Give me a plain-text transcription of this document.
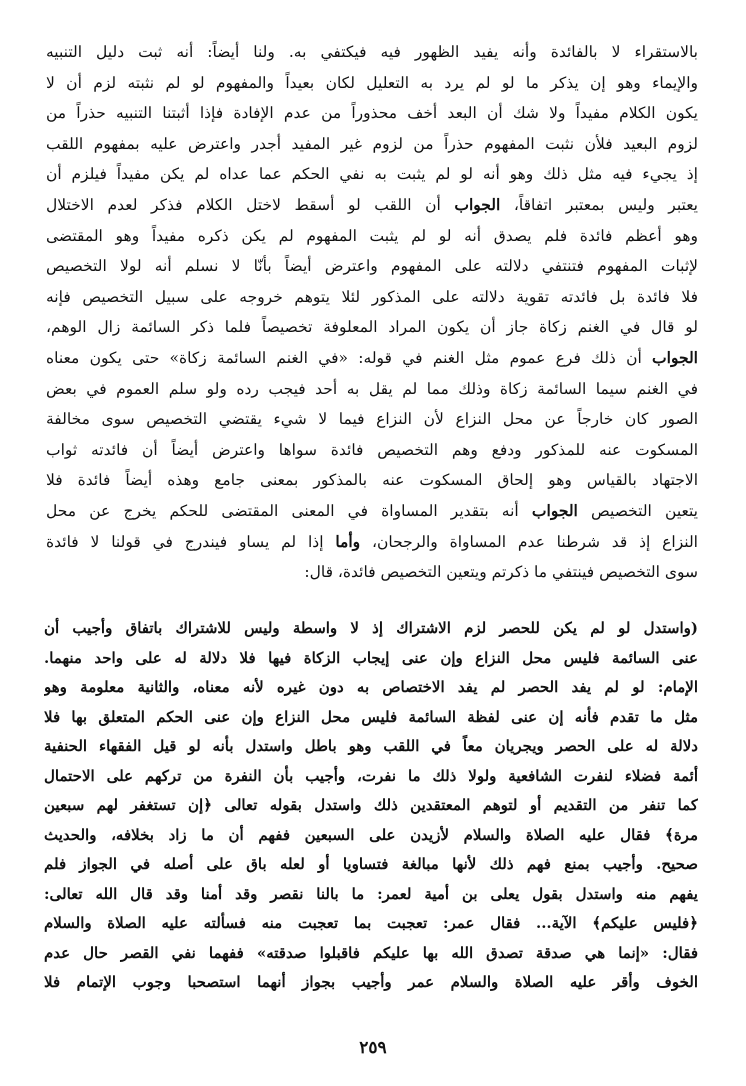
بالاستقراء لا بالفائدة وأنه يفيد الظهور فيه فيكتفي به. ولنا أيضاً: أنه ثبت دليل التنبيه
والإيماء وهو إن يذكر ما لو لم يرد به التعليل لكان بعيداً والمفهوم لو لم نثبته لزم أن لا
يكون الكلام مفيداً ولا شك أن البعد أخف محذوراً من عدم الإفادة فإذا أثبتنا التنبيه حذراً من
لزوم البعيد فلأن نثبت المفهوم حذراً من لزوم غير المفيد أجدر واعترض عليه بمفهوم اللقب
إذ يجيء فيه مثل ذلك وهو أنه لو لم يثبت به نفي الحكم عما عداه لم يكن مفيداً فيلزم أن
يعتبر وليس بمعتبر اتفاقاً، الجواب أن اللقب لو أسقط لاختل الكلام فذكر لعدم الاختلال
وهو أعظم فائدة فلم يصدق أنه لو لم يثبت المفهوم لم يكن ذكره مفيداً وهو المقتضى
لإثبات المفهوم فتنتفي دلالته على المفهوم واعترض أيضاً بأنّا لا نسلم أنه لولا التخصيص
فلا فائدة بل فائدته تقوية دلالته على المذكور لئلا يتوهم خروجه على سبيل التخصيص فإنه
لو قال في الغنم زكاة جاز أن يكون المراد المعلوفة تخصيصاً فلما ذكر السائمة زال الوهم،
الجواب أن ذلك فرع عموم مثل الغنم في قوله: «في الغنم السائمة زكاة» حتى يكون معناه
في الغنم سيما السائمة زكاة وذلك مما لم يقل به أحد فيجب رده ولو سلم العموم في بعض
الصور كان خارجاً عن محل النزاع لأن النزاع فيما لا شيء يقتضي التخصيص سوى مخالفة
المسكوت عنه للمذكور ودفع وهم التخصيص فائدة سواها واعترض أيضاً أن فائدته ثواب
الاجتهاد بالقياس وهو إلحاق المسكوت عنه بالمذكور بمعنى جامع وهذه أيضاً فائدة فلا
يتعين التخصيص الجواب أنه بتقدير المساواة في المعنى المقتضى للحكم يخرج عن محل
النزاع إذ قد شرطنا عدم المساواة والرجحان، وأما إذا لم يساو فيندرج في قولنا لا فائدة
سوى التخصيص فينتفي ما ذكرتم ويتعين التخصيص فائدة، قال:
(واستدل لو لم يكن للحصر لزم الاشتراك إذ لا واسطة وليس للاشتراك باتفاق وأجيب أن
عنى السائمة فليس محل النزاع وإن عنى إيجاب الزكاة فيها فلا دلالة له على واحد منهما.
الإمام: لو لم يفد الحصر لم يفد الاختصاص به دون غيره لأنه معناه، والثانية معلومة وهو
مثل ما تقدم فأنه إن عنى لفظة السائمة فليس محل النزاع وإن عنى الحكم المتعلق بها فلا
دلالة له على الحصر ويجريان معاً في اللقب وهو باطل واستدل بأنه لو قيل الفقهاء الحنفية
أئمة فضلاء لنفرت الشافعية ولولا ذلك ما نفرت، وأجيب بأن النفرة من تركهم على الاحتمال
كما تنفر من التقديم أو لتوهم المعتقدين ذلك واستدل بقوله تعالى ﴿إن تستغفر لهم سبعين
مرة﴾ فقال عليه الصلاة والسلام لأزيدن على السبعين ففهم أن ما زاد بخلافه، والحديث
صحيح. وأجيب بمنع فهم ذلك لأنها مبالغة فتساويا أو لعله باق على أصله في الجواز فلم
يفهم منه واستدل بقول يعلى بن أمية لعمر: ما بالنا نقصر وقد أمنا وقد قال الله تعالى:
﴿فليس عليكم﴾ الآية... فقال عمر: تعجبت بما تعجبت منه فسألته عليه الصلاة والسلام
فقال: «إنما هي صدقة تصدق الله بها عليكم فاقبلوا صدقته» ففهما نفي القصر حال عدم
الخوف وأقر عليه الصلاة والسلام عمر وأجيب بجواز أنهما استصحبا وجوب الإتمام فلا
٢٥٩
